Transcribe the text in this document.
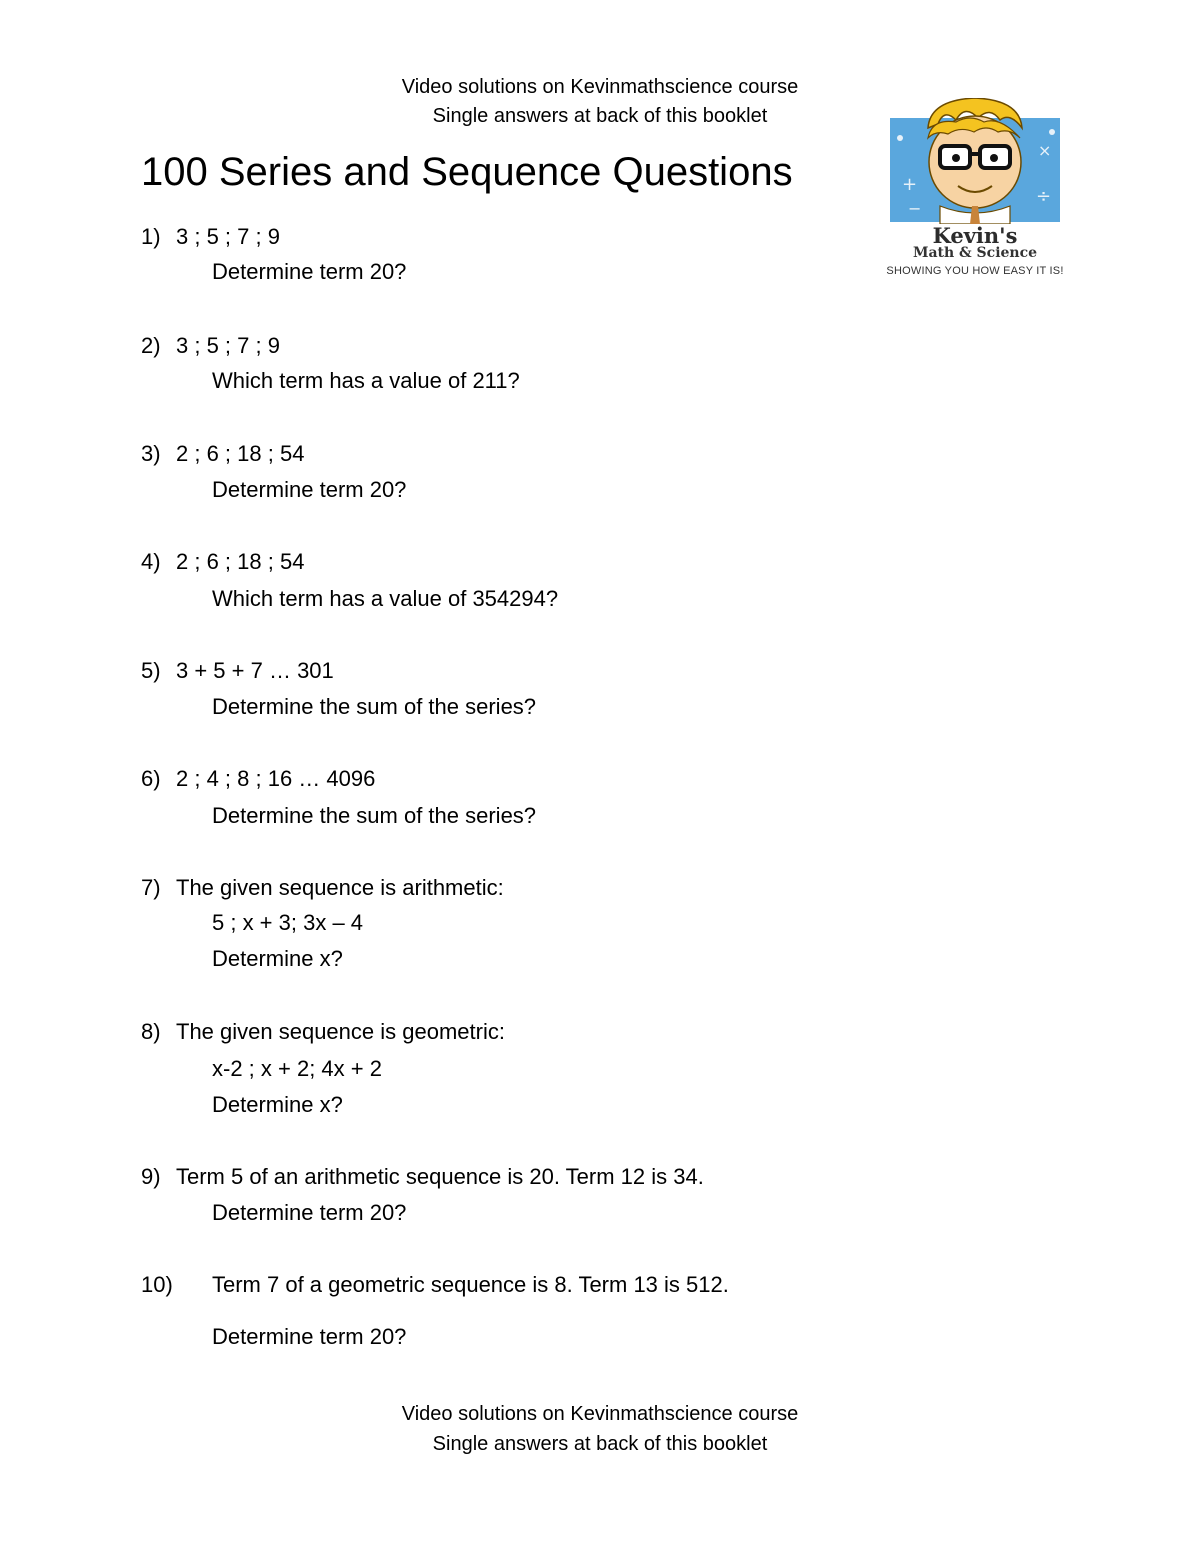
Video solutions on Kevinmathscience course
Single answers at back of this booklet
100 Series and Sequence Questions	+
×
÷
−
Kevin's
Math & Science
SHOWING YOU HOW EASY IT IS!
1) 3 ; 5 ; 7 ; 9
Determine term 20?
2) 3 ; 5 ; 7 ; 9
Which term has a value of 211?
3) 2 ; 6 ; 18 ; 54
Determine term 20?
4) 2 ; 6 ; 18 ; 54
Which term has a value of 354294?
5) 3 + 5 + 7 … 301
Determine the sum of the series?
6) 2 ; 4 ; 8 ; 16 … 4096
Determine the sum of the series?
7) The given sequence is arithmetic:
5 ; x + 3; 3x – 4
Determine x?
8) The given sequence is geometric:
x-2 ; x + 2; 4x + 2
Determine x?
9) Term 5 of an arithmetic sequence is 20. Term 12 is 34.
Determine term 20?
10) Term 7 of a geometric sequence is 8. Term 13 is 512.
Determine term 20?
Video solutions on Kevinmathscience course
Single answers at back of this booklet
